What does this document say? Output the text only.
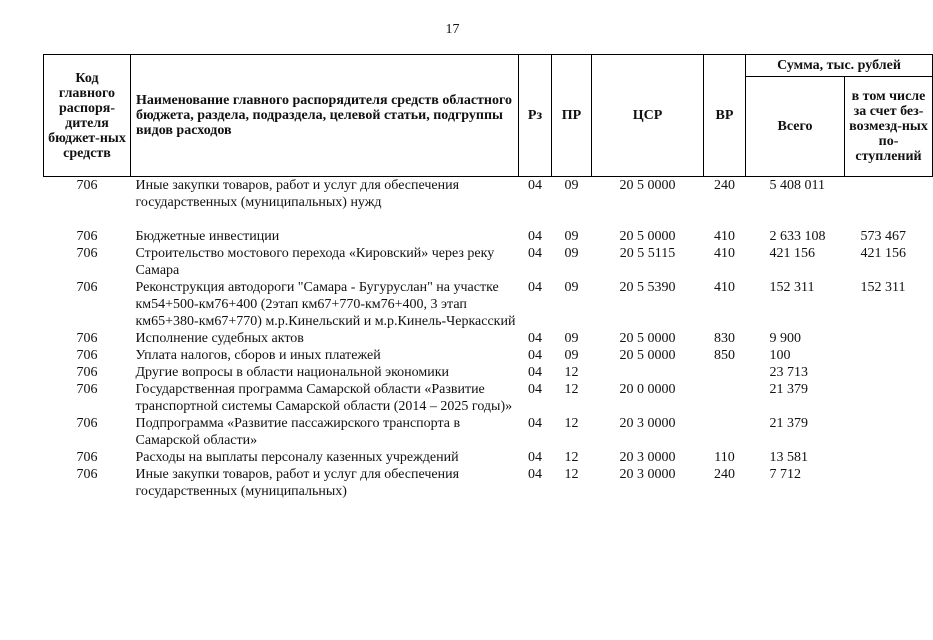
17
Код главного распоря-дителя бюджет-ных средств	Наименование главного распорядителя средств областного бюджета, раздела, подраздела, целевой статьи, подгруппы видов расходов	Рз	ПР	ЦСР	ВР	Сумма, тыс. рублей	
						Всего	в том числе за счет без-возмезд-ных по-ступлений
706	Иные закупки товаров, работ и услуг для обеспечения государственных (муниципальных) нужд	04	09	20 5 0000	240	5 408 011	
706	Бюджетные инвестиции	04	09	20 5 0000	410	2 633 108	573 467
706	Строительство мостового перехода «Кировский» через реку Самара	04	09	20 5 5115	410	421 156	421 156
706	Реконструкция автодороги "Самара - Бугуруслан" на участке км54+500-км76+400 (2этап км67+770-км76+400, 3 этап км65+380-км67+770) м.р.Кинельский и м.р.Кинель-Черкасский	04	09	20 5 5390	410	152 311	152 311
706	Исполнение судебных актов	04	09	20 5 0000	830	9 900	
706	Уплата налогов, сборов и иных платежей	04	09	20 5 0000	850	100	
706	Другие вопросы в области национальной экономики	04	12			23 713	
706	Государственная программа Самарской области «Развитие транспортной системы Самарской области (2014 – 2025 годы)»	04	12	20 0 0000		21 379	
706	Подпрограмма «Развитие пассажирского транспорта в Самарской области»	04	12	20 3 0000		21 379	
706	Расходы на выплаты персоналу казенных учреждений	04	12	20 3 0000	110	13 581	
706	Иные закупки товаров, работ и услуг для обеспечения государственных (муниципальных)	04	12	20 3 0000	240	7 712	
